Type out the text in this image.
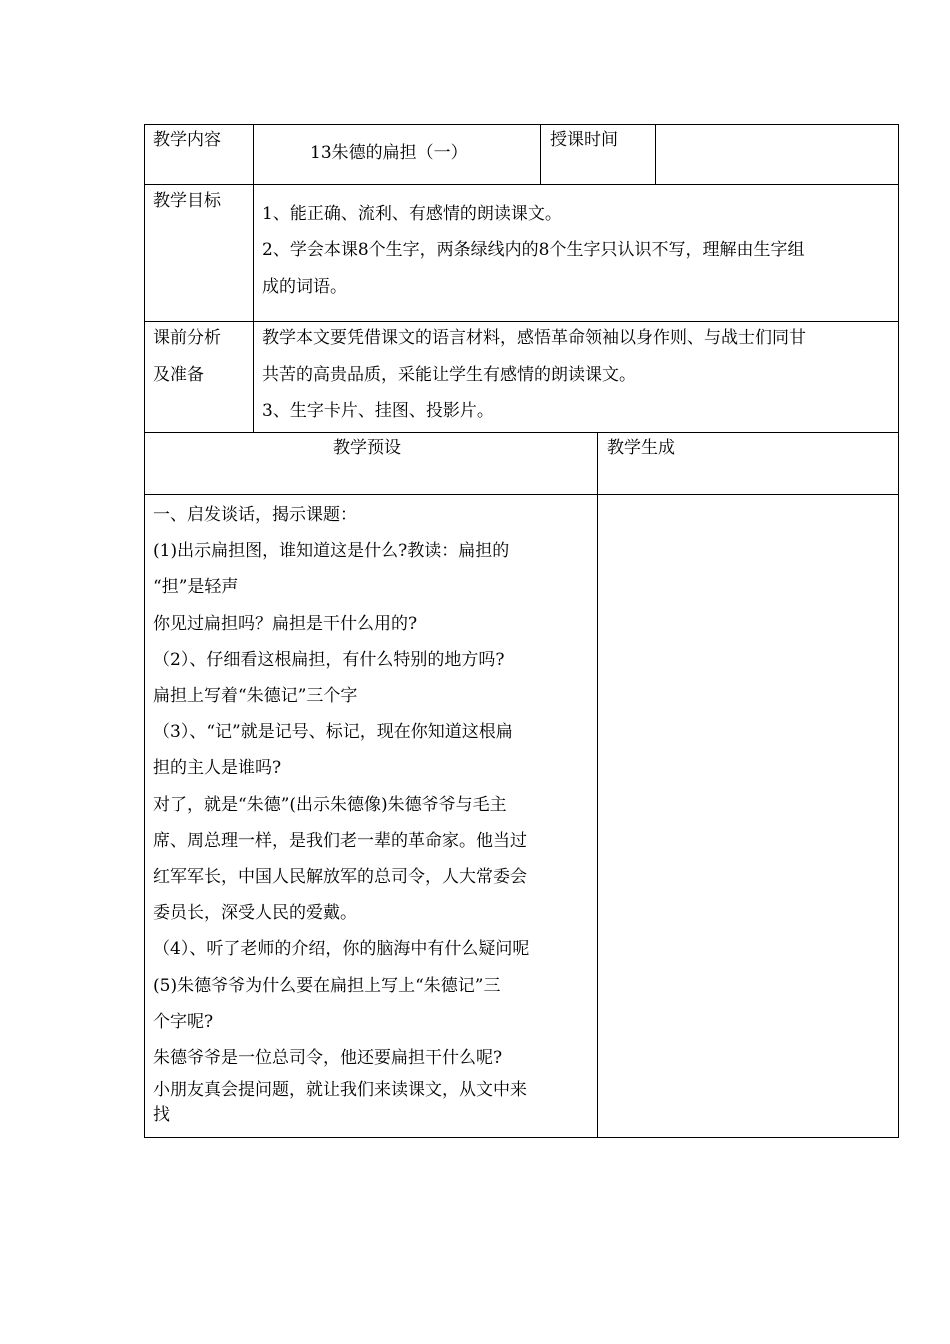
教学内容
13朱德的扁担（一）
授课时间
教学目标
1、能正确、流利、有感情的朗读课文。
2、学会本课8个生字，两条绿线内的8个生字只认识不写，理解由生字组
成的词语。
课前分析
及准备
教学本文要凭借课文的语言材料，感悟革命领袖以身作则、与战士们同甘
共苦的高贵品质，采能让学生有感情的朗读课文。
3、生字卡片、挂图、投影片。
教学预设	教学生成
一、启发谈话，揭示课题：
(1)出示扁担图，谁知道这是什么?教读：扁担的
“担”是轻声
你见过扁担吗？扁担是干什么用的?
（2）、仔细看这根扁担，有什么特别的地方吗?
扁担上写着“朱德记”三个字
（3）、“记”就是记号、标记，现在你知道这根扁
担的主人是谁吗?
对了，就是“朱德”(出示朱德像)朱德爷爷与毛主
席、周总理一样，是我们老一辈的革命家。他当过
红军军长，中国人民解放军的总司令，人大常委会
委员长，深受人民的爱戴。
（4）、听了老师的介绍，你的脑海中有什么疑问呢
(5)朱德爷爷为什么要在扁担上写上“朱德记”三
个字呢?
朱德爷爷是一位总司令，他还要扁担干什么呢?
小朋友真会提问题，就让我们来读课文，从文中来
找
